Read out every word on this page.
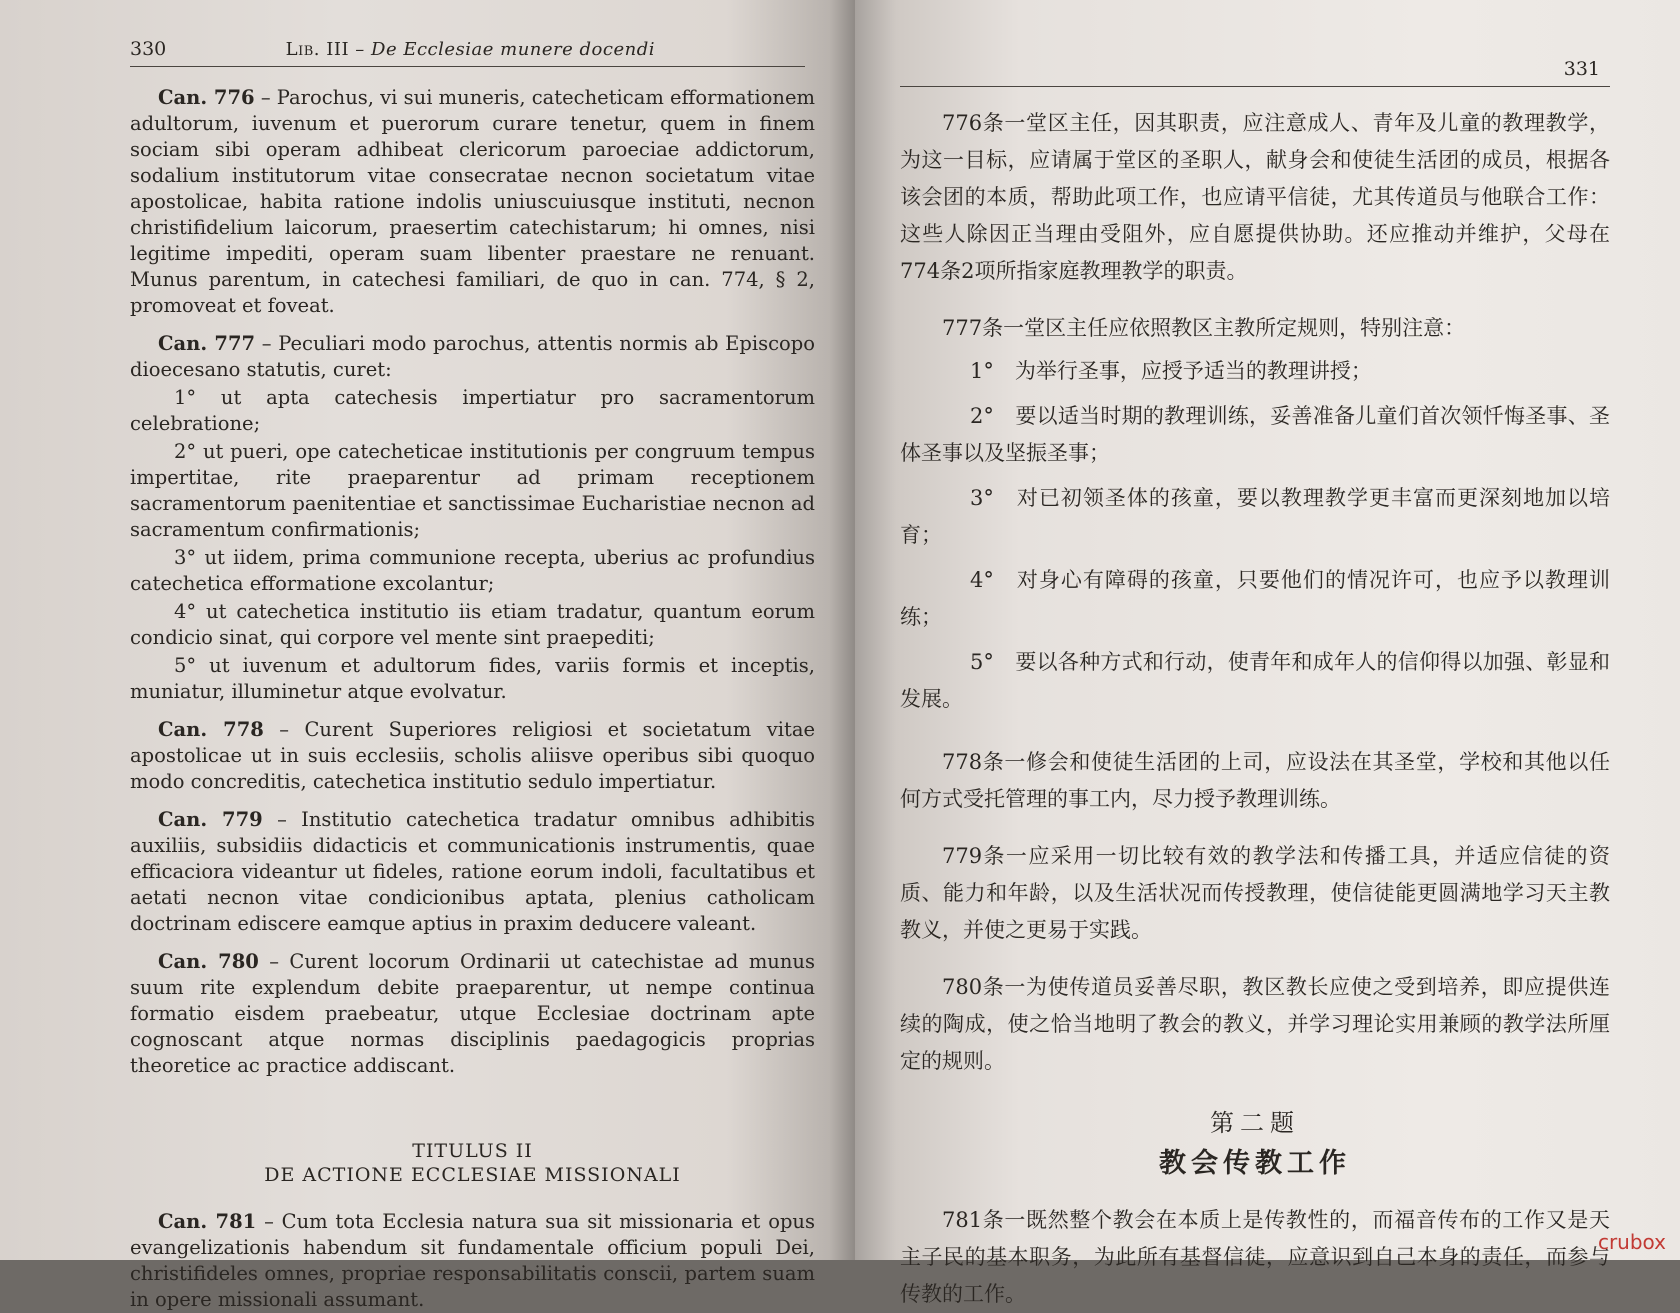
330	Lib. III – De Ecclesiae munere docendi

Can. 776 – Parochus, vi sui muneris, catecheticam efformationem adultorum, iuvenum et puerorum curare tenetur, quem in finem sociam sibi operam adhibeat clericorum paroeciae addictorum, sodalium institutorum vitae consecratae necnon societatum vitae apostolicae, habita ratione indolis uniuscuiusque instituti, necnon christifidelium laicorum, praesertim catechistarum; hi omnes, nisi legitime impediti, operam suam libenter praestare ne renuant. Munus parentum, in catechesi familiari, de quo in can. 774, § 2, promoveat et foveat.

Can. 777 – Peculiari modo parochus, attentis normis ab Episcopo dioecesano statutis, curet:

1° ut apta catechesis impertiatur pro sacramentorum celebratione;

2° ut pueri, ope catecheticae institutionis per congruum tempus impertitae, rite praeparentur ad primam receptionem sacramentorum paenitentiae et sanctissimae Eucharistiae necnon ad sacramentum confirmationis;

3° ut iidem, prima communione recepta, uberius ac profundius catechetica efformatione excolantur;

4° ut catechetica institutio iis etiam tradatur, quantum eorum condicio sinat, qui corpore vel mente sint praepediti;

5° ut iuvenum et adultorum fides, variis formis et inceptis, muniatur, illuminetur atque evolvatur.

Can. 778 – Curent Superiores religiosi et societatum vitae apostolicae ut in suis ecclesiis, scholis aliisve operibus sibi quoquo modo concreditis, catechetica institutio sedulo impertiatur.

Can. 779 – Institutio catechetica tradatur omnibus adhibitis auxiliis, subsidiis didacticis et communicationis instrumentis, quae efficaciora videantur ut fideles, ratione eorum indoli, facultatibus et aetati necnon vitae condicionibus aptata, plenius catholicam doctrinam ediscere eamque aptius in praxim deducere valeant.

Can. 780 – Curent locorum Ordinarii ut catechistae ad munus suum rite explendum debite praeparentur, ut nempe continua formatio eisdem praebeatur, utque Ecclesiae doctrinam apte cognoscant atque normas disciplinis paedagogicis proprias theoretice ac practice addiscant.

TITULUS II
DE ACTIONE ECCLESIAE MISSIONALI

Can. 781 – Cum tota Ecclesia natura sua sit missionaria et opus evangelizationis habendum sit fundamentale officium populi Dei, christifideles omnes, propriae responsabilitatis conscii, partem suam in opere missionali assumant.

331

776条一堂区主任，因其职责，应注意成人、青年及儿童的教理教学，为这一目标，应请属于堂区的圣职人，献身会和使徒生活团的成员，根据各该会团的本质，帮助此项工作，也应请平信徒，尤其传道员与他联合工作：这些人除因正当理由受阻外，应自愿提供协助。还应推动并维护，父母在774条2项所指家庭教理教学的职责。

777条一堂区主任应依照教区主教所定规则，特别注意：

1°　为举行圣事，应授予适当的教理讲授；

2°　要以适当时期的教理训练，妥善准备儿童们首次领忏悔圣事、圣体圣事以及坚振圣事；

3°　对已初领圣体的孩童，要以教理教学更丰富而更深刻地加以培育；

4°　对身心有障碍的孩童，只要他们的情况许可，也应予以教理训练；

5°　要以各种方式和行动，使青年和成年人的信仰得以加强、彰显和发展。

778条一修会和使徒生活团的上司，应设法在其圣堂，学校和其他以任何方式受托管理的事工内，尽力授予教理训练。

779条一应采用一切比较有效的教学法和传播工具，并适应信徒的资质、能力和年龄，以及生活状况而传授教理，使信徒能更圆满地学习天主教教义，并使之更易于实践。

780条一为使传道员妥善尽职，教区教长应使之受到培养，即应提供连续的陶成，使之恰当地明了教会的教义，并学习理论实用兼顾的教学法所厘定的规则。

第二题
教会传教工作

781条一既然整个教会在本质上是传教性的，而福音传布的工作又是天主子民的基本职务，为此所有基督信徒，应意识到自己本身的责任，而参与传教的工作。

crubox
